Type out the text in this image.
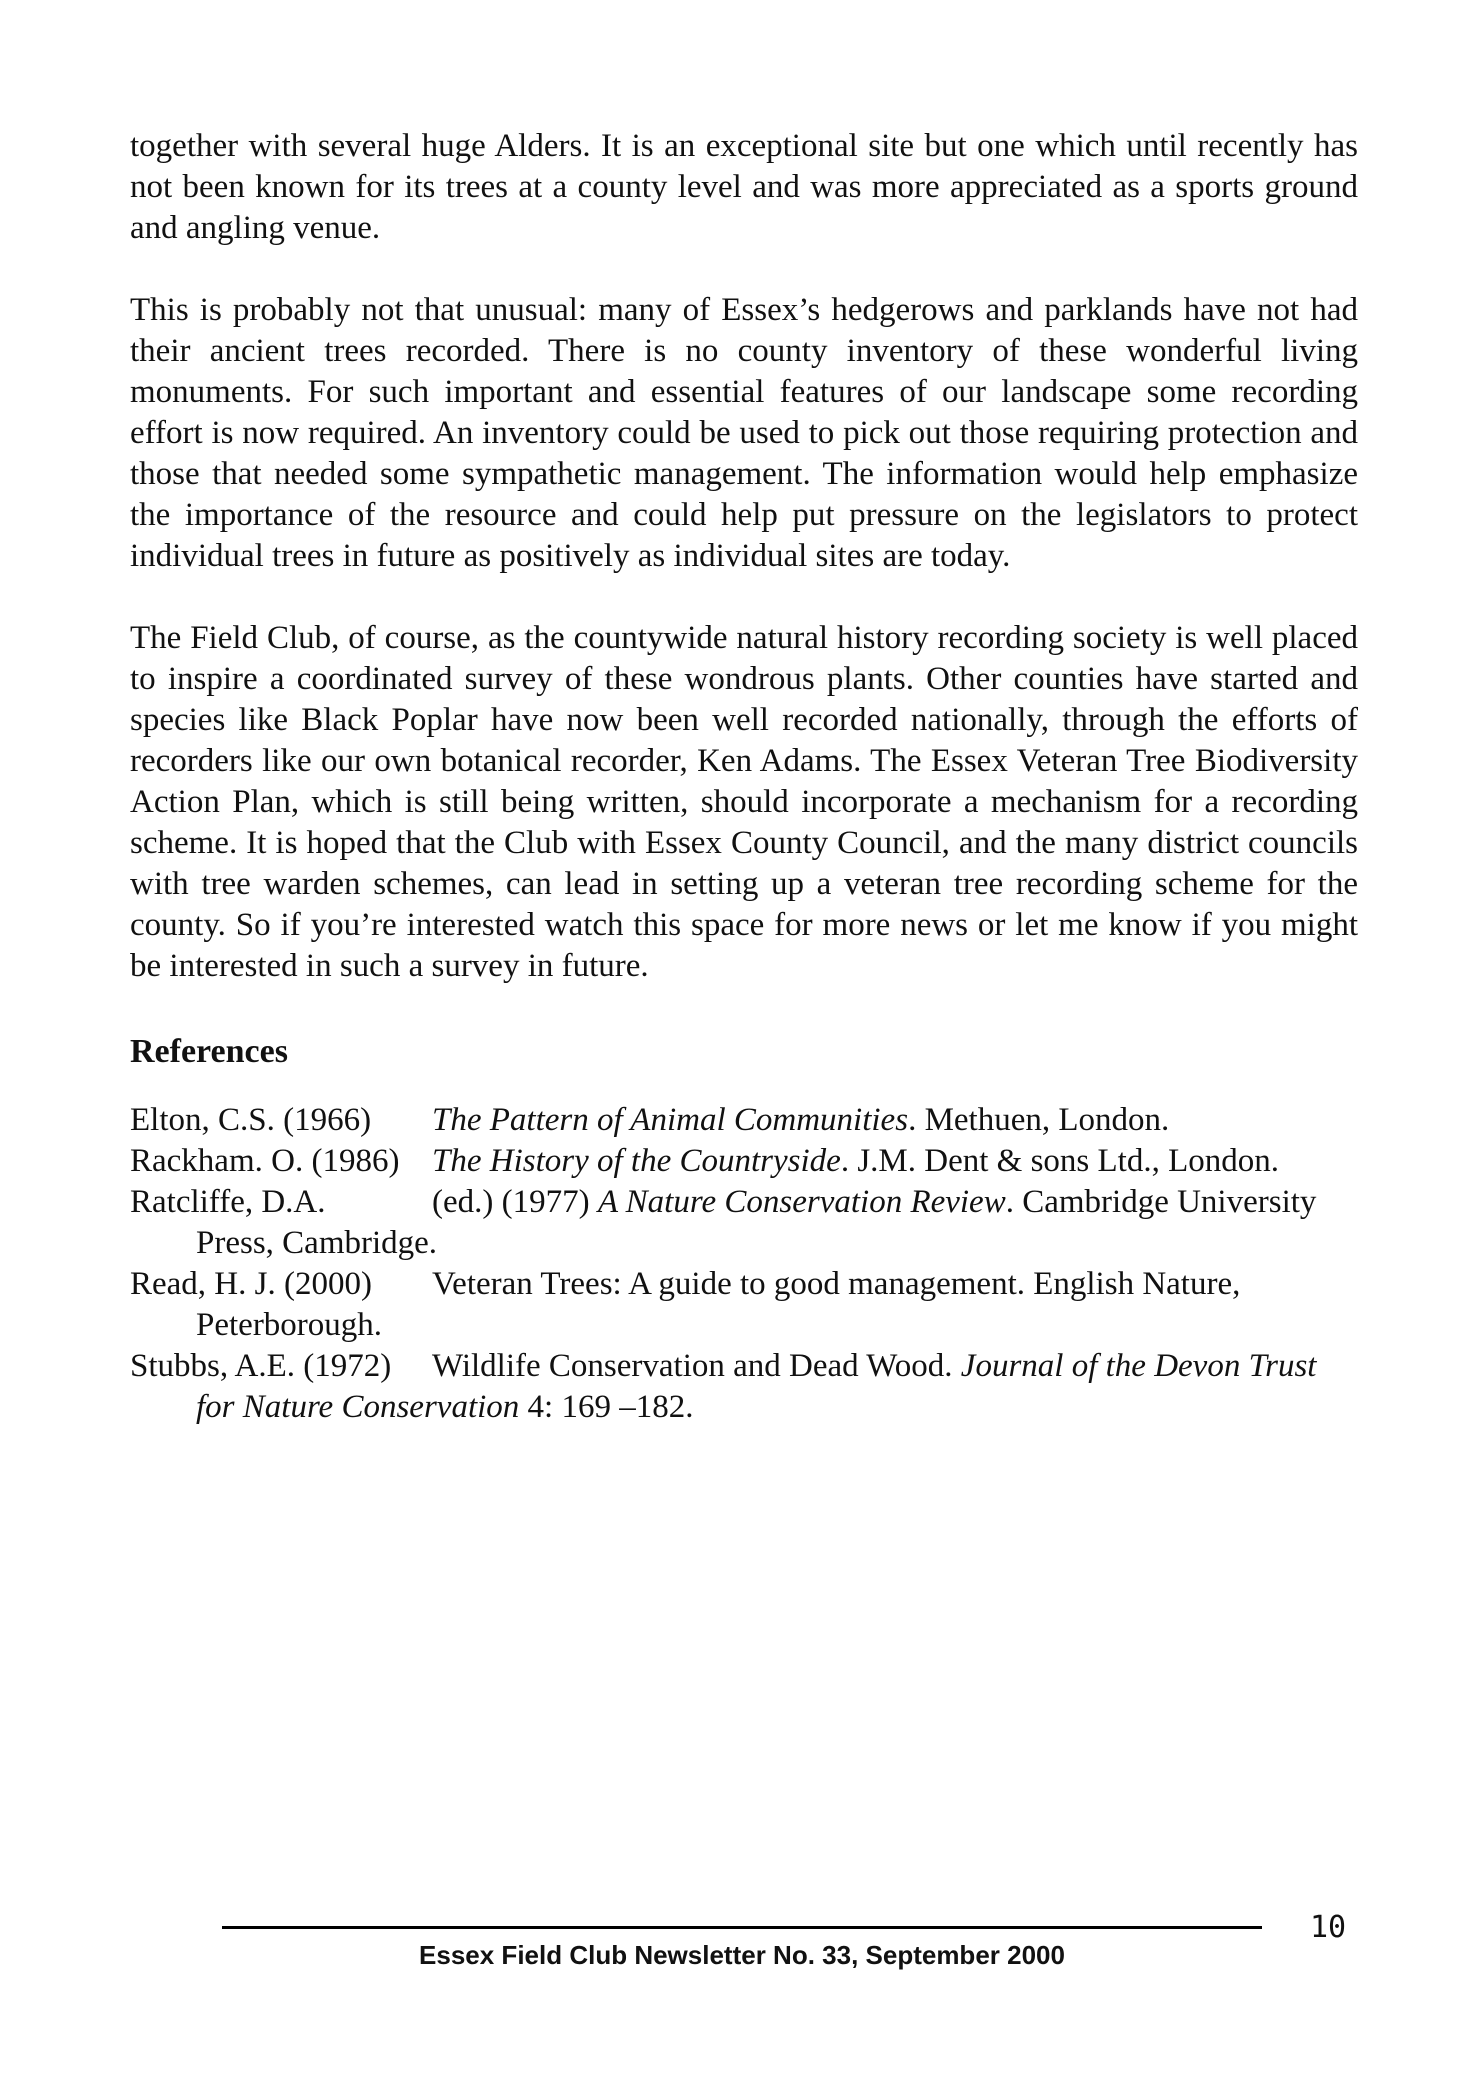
together with several huge Alders. It is an exceptional site but one which until recently has not been known for its trees at a county level and was more appreciated as a sports ground and angling venue.

This is probably not that unusual: many of Essex’s hedgerows and parklands have not had their ancient trees recorded. There is no county inventory of these wonderful living monuments. For such important and essential features of our landscape some recording effort is now required. An inventory could be used to pick out those requiring protection and those that needed some sympathetic management. The information would help emphasize the importance of the resource and could help put pressure on the legislators to protect individual trees in future as positively as individual sites are today.

The Field Club, of course, as the countywide natural history recording society is well placed to inspire a coordinated survey of these wondrous plants. Other counties have started and species like Black Poplar have now been well recorded nationally, through the efforts of recorders like our own botanical recorder, Ken Adams. The Essex Veteran Tree Biodiversity Action Plan, which is still being written, should incorporate a mechanism for a recording scheme. It is hoped that the Club with Essex County Council, and the many district councils with tree warden schemes, can lead in setting up a veteran tree recording scheme for the county. So if you’re interested watch this space for more news or let me know if you might be interested in such a survey in future.

References
Elton, C.S. (1966) The Pattern of Animal Communities. Methuen, London.
Rackham. O. (1986) The History of the Countryside. J.M. Dent & sons Ltd., London.
Ratcliffe, D.A.	(ed.) (1977) A Nature Conservation Review. Cambridge University Press, Cambridge.
Read, H. J. (2000) Veteran Trees: A guide to good management. English Nature, Peterborough.
Stubbs, A.E. (1972) Wildlife Conservation and Dead Wood. Journal of the Devon Trust for Nature Conservation 4: 169 –182.
Essex Field Club Newsletter No. 33, September 2000
10
